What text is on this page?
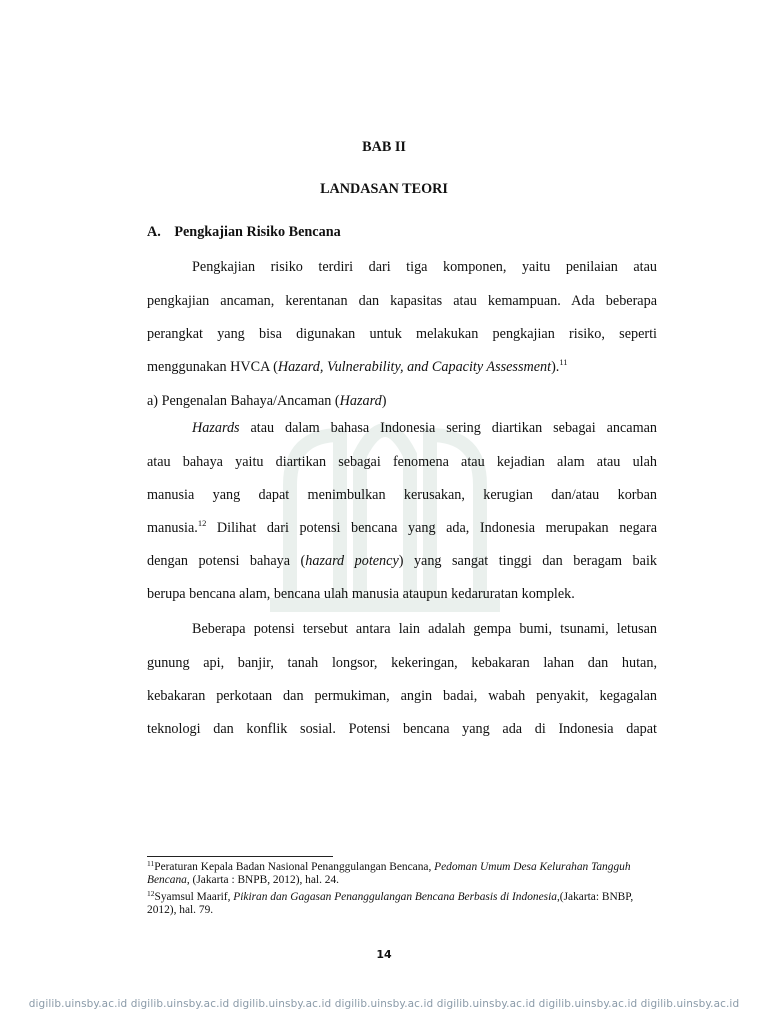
BAB II
LANDASAN TEORI
A. Pengkajian Risiko Bencana
Pengkajian risiko terdiri dari tiga komponen, yaitu penilaian atau
pengkajian ancaman, kerentanan dan kapasitas atau kemampuan. Ada beberapa
perangkat yang bisa digunakan untuk melakukan pengkajian risiko, seperti
menggunakan HVCA (Hazard, Vulnerability, and Capacity Assessment).$^{11}$
a) Pengenalan Bahaya/Ancaman (Hazard)
Hazards atau dalam bahasa Indonesia sering diartikan sebagai ancaman
atau bahaya yaitu diartikan sebagai fenomena atau kejadian alam atau ulah
manusia yang dapat menimbulkan kerusakan, kerugian dan/atau korban
manusia.$^{12}$ Dilihat dari potensi bencana yang ada, Indonesia merupakan negara
dengan potensi bahaya (hazard potency) yang sangat tinggi dan beragam baik
berupa bencana alam, bencana ulah manusia ataupun kedaruratan komplek.
Beberapa potensi tersebut antara lain adalah gempa bumi, tsunami, letusan
gunung api, banjir, tanah longsor, kekeringan, kebakaran lahan dan hutan,
kebakaran perkotaan dan permukiman, angin badai, wabah penyakit, kegagalan
teknologi dan konflik sosial. Potensi bencana yang ada di Indonesia dapat
$^{11}$Peraturan Kepala Badan Nasional Penanggulangan Bencana, Pedoman Umum Desa Kelurahan Tangguh Bencana, (Jakarta : BNPB, 2012), hal. 24.
$^{12}$Syamsul Maarif, Pikiran dan Gagasan Penanggulangan Bencana Berbasis di Indonesia,(Jakarta: BNBP, 2012), hal. 79.
14
digilib.uinsby.ac.id digilib.uinsby.ac.id digilib.uinsby.ac.id digilib.uinsby.ac.id digilib.uinsby.ac.id digilib.uinsby.ac.id digilib.uinsby.ac.id
